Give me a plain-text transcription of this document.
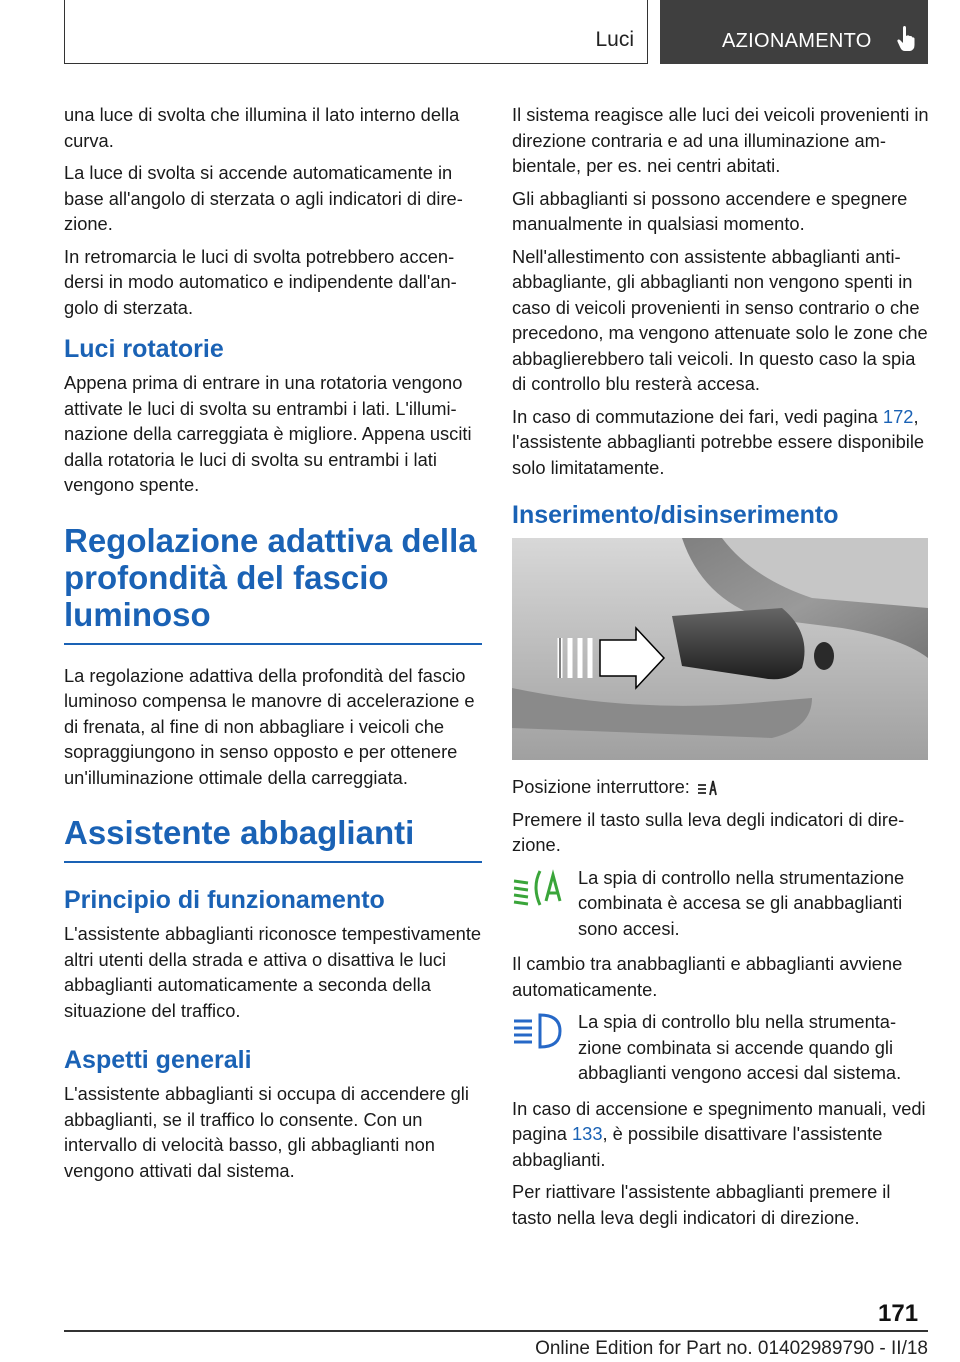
Luci	AZIONAMENTO

una luce di svolta che illumina il lato interno della curva.

La luce di svolta si accende automaticamente in base all'angolo di sterzata o agli indicatori di direzione.

In retromarcia le luci di svolta potrebbero accendersi in modo automatico e indipendente dall'angolo di sterzata.

Luci rotatorie

Appena prima di entrare in una rotatoria vengono attivate le luci di svolta su entrambi i lati. L'illuminazione della carreggiata è migliore. Appena usciti dalla rotatoria le luci di svolta su entrambi i lati vengono spente.

Regolazione adattiva della profondità del fascio luminoso

La regolazione adattiva della profondità del fascio luminoso compensa le manovre di accelerazione e di frenata, al fine di non abbagliare i veicoli che sopraggiungono in senso opposto e per ottenere un'illuminazione ottimale della carreggiata.

Assistente abbaglianti
Principio di funzionamento

L'assistente abbaglianti riconosce tempestivamente altri utenti della strada e attiva o disattiva le luci abbaglianti automaticamente a seconda della situazione del traffico.

Aspetti generali

L'assistente abbaglianti si occupa di accendere gli abbaglianti, se il traffico lo consente. Con un intervallo di velocità basso, gli abbaglianti non vengono attivati dal sistema.

Il sistema reagisce alle luci dei veicoli provenienti in direzione contraria e ad una illuminazione ambientale, per es. nei centri abitati.

Gli abbaglianti si possono accendere e spegnere manualmente in qualsiasi momento.

Nell'allestimento con assistente abbaglianti antiabbagliante, gli abbaglianti non vengono spenti in caso di veicoli provenienti in senso contrario o che precedono, ma vengono attenuate solo le zone che abbaglierebbero tali veicoli. In questo caso la spia di controllo blu resterà accesa.

In caso di commutazione dei fari, vedi pagina 172, l'assistente abbaglianti potrebbe essere disponibile solo limitatamente.

Inserimento/disinserimento

Posizione interruttore:

Premere il tasto sulla leva degli indicatori di direzione.

La spia di controllo nella strumentazione combinata è accesa se gli anabbaglianti sono accesi.

Il cambio tra anabbaglianti e abbaglianti avviene automaticamente.

La spia di controllo blu nella strumentazione combinata si accende quando gli abbaglianti vengono accesi dal sistema.

In caso di accensione e spegnimento manuali, vedi pagina 133, è possibile disattivare l'assistente abbaglianti.

Per riattivare l'assistente abbaglianti premere il tasto nella leva degli indicatori di direzione.

171
Online Edition for Part no. 01402989790 - II/18
